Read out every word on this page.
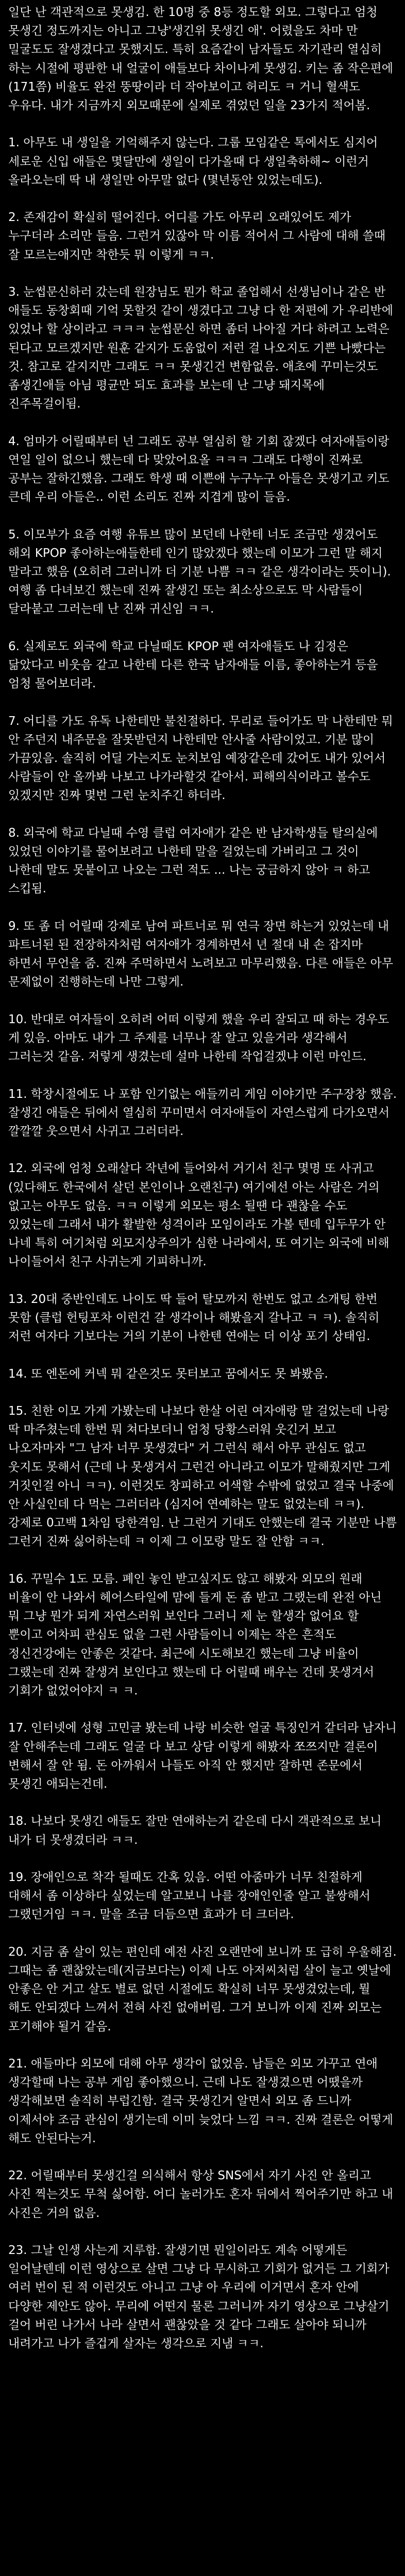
일단 난 객관적으로 못생김. 한 10명 중 8등 정도할 외모. 그렇다고 엄청 못생긴 정도까지는 아니고 그냥'생긴위 못생긴 애'. 어렸을도 차마 만 밀굴도도 잘생겼다고 못했지도. 특히 요즘같이 남자들도 자기관리 열심히 하는 시절에 평판한 내 얼굴이 애들보다 차이나게 못생김. 키는 좀 작은편에 (171쯤) 비율도 완전 뚱땅이라 더 작아보이고 허리도 ㅋ 거니 혈색도 우유다. 내가 지금까지 외모때문에 실제로 겪었던 일을 23가지 적어봄.

1. 아무도 내 생일을 기억해주지 않는다. 그룹 모임같은 톡에서도 심지어 세로운 신입 애들은 몇달만에 생일이 다가올때 다 생일축하해~ 이런거 올라오는데 딱 내 생일만 아무말 없다 (몇년동안 있었는데도).

2. 존재감이 확실히 떨어진다. 어디를 가도 아무리 오래있어도 제가 누구더라 소리만 들음. 그런거 있잖아 막 이름 적어서 그 사람에 대해 쓸때 잘 모르는애지만 착한듯 뭐 이렇게 ㅋㅋ.

3. 눈썹문신하러 갔는데 원장님도 뭔가 학교 졸업해서 선생님이나 같은 반 애들도 동창회때 기억 못할것 같이 생겼다고 그냥 다 한 저편에 가 우리반에 있었나 할 상이라고 ㅋㅋㅋ 눈썹문신 하면 좀더 나아질 거다 하려고 노력은 된다고 모르겠지만 원훈 같지가 도움없이 저런 걸 나오지도 기쁜 나빴다는 것. 참고로 같지지만 그래도 ㅋㅋ 못생긴건 변함없음. 애초에 꾸미는것도 좀생긴애들 아님 평균만 되도 효과를 보는데 난 그냥 돼지목에 진주목걸이됨.

4. 엄마가 어릴때부터 넌 그래도 공부 열심히 할 기회 잖겠다 여자애들이랑 연일 일이 없으니 했는데 다 맞았어요올 ㅋㅋㅋ 그래도 다행이 진짜로 공부는 잘하긴했음. 그래도 학생 때 이쁜애 누구누구 아들은 못생기고 키도 큰데 우리 아들은.. 이런 소리도 진짜 지겹게 많이 들음.

5. 이모부가 요즘 여행 유튜브 많이 보던데 나한테 너도 조금만 생겼어도 해외 KPOP 좋아하는애들한테 인기 많았겠다 했는데 이모가 그런 말 해지 말라고 했음 (오히려 그러니까 더 기분 나쁨 ㅋㅋ 같은 생각이라는 뜻이니). 여행 좀 다녀보긴 했는데 진짜 잘생긴 또는 최소상으로도 막 사람들이 달라붙고 그러는데 난 진짜 귀신임 ㅋㅋ.

6. 실제로도 외국에 학교 다닐때도 KPOP 팬 여자애들도 나 김정은 닮았다고 비웃음 같고 나한테 다른 한국 남자애들 이름, 좋아하는거 등을 엄청 물어보더라.

7. 어디를 가도 유독 나한테만 불친절하다. 무리로 들어가도 막 나한테만 뭐 안 주던지 내주문을 잘못받던지 나한테만 안사줄 사람이었고. 기분 많이 가끔있음. 솔직히 어딜 가는지도 눈치보임 예장같은데 갔어도 내가 있어서 사람들이 안 올까봐 나보고 나가라할것 같아서. 피해의식이라고 볼수도 있겠지만 진짜 몇번 그런 눈치주긴 하더라.

8. 외국에 학교 다닐때 수영 클럽 여자애가 같은 반 남자학생들 탈의실에 있었던 이야기를 물어보려고 나한테 말을 걸었는데 가버리고 그 것이 나한데 말도 못붙이고 나오는 그런 적도 ... 나는 궁금하지 않아 ㅋ 하고 스킵됨.

9. 또 좀 더 어릴때 강제로 남여 파트너로 뭐 연극 장면 하는거 있었는데 내 파트너된 된 전장하자처럼 여자애가 경계하면서 년 절대 내 손 잡지마 하면서 무언을 줌. 진짜 주먹하면서 노려보고 마무리했음. 다른 애들은 아무 문제없이 진행하는데 나만 그렇게.

10. 반대로 여자들이 오히려 어떠 이렇게 했을 우리 잘되고 때 하는 경우도 게 있음. 아마도 내가 그 주제를 너무나 잘 알고 있을거라 생각해서 그러는것 같음. 저렇게 생겼는데 설마 나한테 작업걸겠냐 이런 마인드.

11. 학창시절에도 나 포함 인기없는 애들끼리 게임 이야기만 주구장창 했음. 잘생긴 애들은 뒤에서 열심히 꾸미면서 여자애들이 자연스럽게 다가오면서 깔깔깔 웃으면서 사귀고 그러더라.

12. 외국에 엄청 오래살다 작년에 들어와서 거기서 친구 몇명 또 사귀고 (있다해도 한국에서 살던 본인이나 오랜친구) 여기에선 아는 사람은 거의 없고는 아무도 없음. ㅋㅋ 이렇게 외모는 평소 될땐 다 괜찮을 수도 있었는데 그래서 내가 활발한 성격이라 모임이라도 가볼 텐데 입두무가 안 나네 특히 여기처럼 외모지상주의가 심한 나라에서, 또 여기는 외국에 비해 나이들어서 친구 사귀는게 기피하니까.

13. 20대 중반인데도 나이도 딱 들어 탈모까지 한번도 없고 소개팅 한번 못함 (클럽 헌팅포차 이런건 갈 생각이나 해봤을지 갈나고 ㅋ ㅋ). 솔직히 저런 여자다 기보다는 거의 기분이 나한텐 연애는 더 이상 포기 상태임.

14. 또 엔돈에 커넥 뭐 같은것도 못터보고 꿈에서도 못 봐봤음.

15. 친한 이모 가게 가봤는데 나보다 한살 어린 여자애랑 말 걸었는데 나랑 딱 마주쳤는데 한번 뭐 쳐다보더니 엄청 당황스러워 웃긴거 보고 나오자마자 "그 남자 너무 못생겼다" 거 그런식 해서 아무 관심도 없고 웃지도 못해서 (근데 나 못생겨서 그런건 아니라고 이모가 말해줬지만 그게 거짓인걸 아니 ㅋㅋ). 이런것도 창피하고 어색할 수밖에 없었고 결국 나중에 안 사실인데 다 먹는 그러더라 (심지어 연예하는 말도 없었는데 ㅋㅋ). 강제로 0고백 1차임 당한격임. 난 그런거 기대도 안했는데 결국 기분만 나쁨 그런거 진짜 싫어하는데 ㅋ 이제 그 이모랑 말도 잘 안함 ㅋㅋ.

16. 꾸밀수 1도 모름. 폐인 놓인 받고싶지도 않고 해봤자 외모의 원래 비율이 안 나와서 헤어스타일에 맘에 들게 돈 좀 받고 그랬는데 완전 아닌 뭐 그냥 뭔가 되게 자연스러워 보인다 그러니 제 눈 할생각 없어요 할 뿐이고 어차피 관심도 없을 그런 사람들이니 이제는 작은 흔적도 정신건강에는 안좋은 것같다. 최근에 시도해보긴 했는데 그냥 비율이 그랬는데 진짜 잘생겨 보인다고 했는데 다 어릴때 배우는 건데 못생겨서 기회가 없었어야지 ㅋ ㅋ.

17. 인터넷에 성형 고민글 봤는데 나랑 비슷한 얼굴 특징인거 같더라 남자니 잘 안해주는데 그래도 얼굴 다 보고 상담 이렇게 해봤자 쪼쯔지만 결론이 변해서 잘 안 됨. 돈 아까워서 나들도 아직 안 했지만 잘하면 존문에서 못생긴 애되는건데.

18. 나보다 못생긴 애들도 잘만 연애하는거 같은데 다시 객관적으로 보니 내가 더 못생겼더라 ㅋㅋ.

19. 장애인으로 착각 될때도 간혹 있음. 어떤 아줌마가 너무 친절하게 대해서 좀 이상하다 싶었는데 알고보니 나를 장애인인줄 알고 불쌍해서 그랬던거임 ㅋㅋ. 말을 조금 더듬으면 효과가 더 크더라.

20. 지금 좀 살이 있는 편인데 예전 사진 오랜만에 보니까 또 급히 우울해짐. 그때는 좀 괜찮았는데(지금보다는) 이제 나도 아저씨처럼 살이 늘고 옛날에 안좋은 안 거고 살도 별로 없던 시절에도 확실히 너무 못생겼었는데, 뭘 해도 안되겠다 느껴서 전혀 사진 없애버림. 그거 보니까 이제 진짜 외모는 포기해야 될거 같음.

21. 애들마다 외모에 대해 아무 생각이 없었음. 남들은 외모 가꾸고 연애 생각할때 나는 공부 게임 좋아했으니. 근데 나도 잘생겼으면 어땠을까 생각해보면 솔직히 부럽긴함. 결국 못생긴거 알면서 외모 좀 드니까 이제서야 조금 관심이 생기는데 이미 늦었다 느낌 ㅋㅋ. 진짜 결론은 어떻게 해도 안된다는거.

22. 어릴때부터 못생긴걸 의식해서 항상 SNS에서 자기 사진 안 올리고 사진 찍는것도 무척 싫어함. 어디 놀러가도 혼자 뒤에서 찍어주기만 하고 내 사진은 거의 없음.

23. 그날 인생 사는게 지루함. 잘생기면 뭔일이라도 계속 어떻게든 일어날텐데 이런 영상으로 살면 그냥 다 무시하고 기회가 없거든 그 기회가 여러 번이 된 적 이런것도 아니고 그냥 아 우리에 이거면서 혼자 안에 다양한 제안도 않아. 무리에 어떤지 물론 그러니까 자기 영상으로 그냥살기 걸어 버린 나가서 나라 살면서 괜찮았을 것 같다 그래도 살아야 되니까 내려가고 나가 즐겁게 살자는 생각으로 지냄 ㅋㅋ.
